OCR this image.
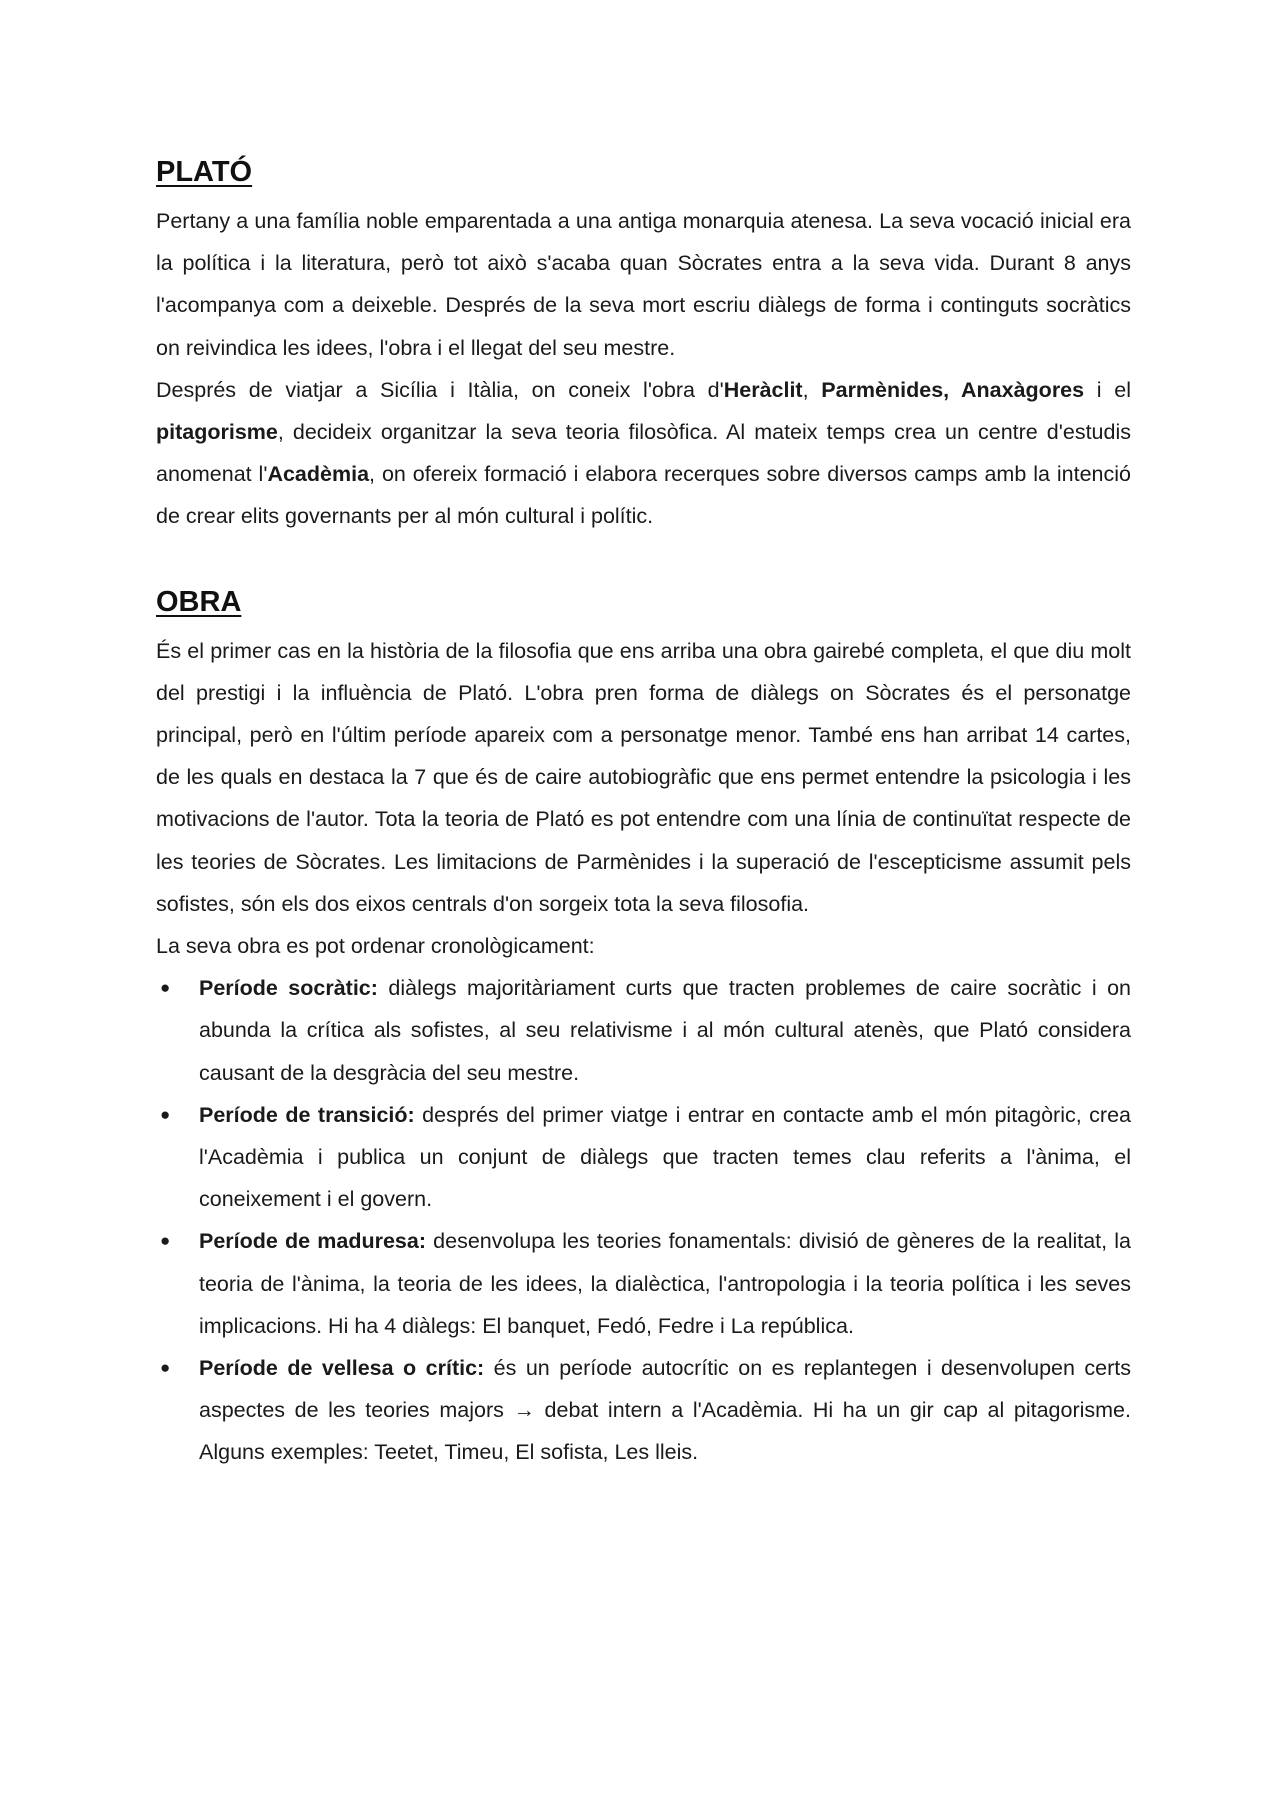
PLATÓ

Pertany a una família noble emparentada a una antiga monarquia atenesa. La seva vocació inicial era la política i la literatura, però tot això s'acaba quan Sòcrates entra a la seva vida. Durant 8 anys l'acompanya com a deixeble. Després de la seva mort escriu diàlegs de forma i continguts socràtics on reivindica les idees, l'obra i el llegat del seu mestre.

Després de viatjar a Sicília i Itàlia, on coneix l'obra d'Heràclit, Parmènides, Anaxàgores i el pitagorisme, decideix organitzar la seva teoria filosòfica. Al mateix temps crea un centre d'estudis anomenat l'Acadèmia, on ofereix formació i elabora recerques sobre diversos camps amb la intenció de crear elits governants per al món cultural i polític.

OBRA

És el primer cas en la història de la filosofia que ens arriba una obra gairebé completa, el que diu molt del prestigi i la influència de Plató. L'obra pren forma de diàlegs on Sòcrates és el personatge principal, però en l'últim període apareix com a personatge menor. També ens han arribat 14 cartes, de les quals en destaca la 7 que és de caire autobiogràfic que ens permet entendre la psicologia i les motivacions de l'autor. Tota la teoria de Plató es pot entendre com una línia de continuïtat respecte de les teories de Sòcrates. Les limitacions de Parmènides i la superació de l'escepticisme assumit pels sofistes, són els dos eixos centrals d'on sorgeix tota la seva filosofia.

La seva obra es pot ordenar cronològicament:

● Període socràtic: diàlegs majoritàriament curts que tracten problemes de caire socràtic i on abunda la crítica als sofistes, al seu relativisme i al món cultural atenès, que Plató considera causant de la desgràcia del seu mestre.
● Període de transició: després del primer viatge i entrar en contacte amb el món pitagòric, crea l'Acadèmia i publica un conjunt de diàlegs que tracten temes clau referits a l'ànima, el coneixement i el govern.
● Període de maduresa: desenvolupa les teories fonamentals: divisió de gèneres de la realitat, la teoria de l'ànima, la teoria de les idees, la dialèctica, l'antropologia i la teoria política i les seves implicacions. Hi ha 4 diàlegs: El banquet, Fedó, Fedre i La república.
● Període de vellesa o crític: és un període autocrític on es replantegen i desenvolupen certs aspectes de les teories majors → debat intern a l'Acadèmia. Hi ha un gir cap al pitagorisme. Alguns exemples: Teetet, Timeu, El sofista, Les lleis.
